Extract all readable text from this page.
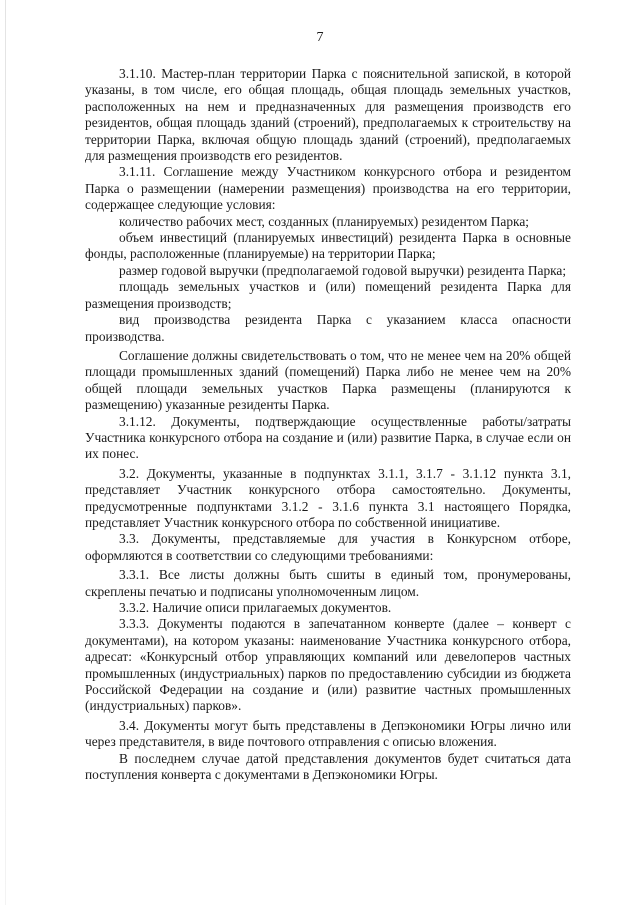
7

3.1.10. Мастер-план территории Парка с пояснительной запиской, в которой указаны, в том числе, его общая площадь, общая площадь земельных участков, расположенных на нем и предназначенных для размещения производств его резидентов, общая площадь зданий (строений), предполагаемых к строительству на территории Парка, включая общую площадь зданий (строений), предполагаемых для размещения производств его резидентов.

3.1.11. Соглашение между Участником конкурсного отбора и резидентом Парка о размещении (намерении размещения) производства на его территории, содержащее следующие условия:

количество рабочих мест, созданных (планируемых) резидентом Парка;

объем инвестиций (планируемых инвестиций) резидента Парка в основные фонды, расположенные (планируемые) на территории Парка;

размер годовой выручки (предполагаемой годовой выручки) резидента Парка;

площадь земельных участков и (или) помещений резидента Парка для размещения производств;

вид производства резидента Парка с указанием класса опасности производства.

Соглашение должны свидетельствовать о том, что не менее чем на 20% общей площади промышленных зданий (помещений) Парка либо не менее чем на 20% общей площади земельных участков Парка размещены (планируются к размещению) указанные резиденты Парка.

3.1.12. Документы, подтверждающие осуществленные работы/затраты Участника конкурсного отбора на создание и (или) развитие Парка, в случае если он их понес.

3.2. Документы, указанные в подпунктах 3.1.1, 3.1.7 - 3.1.12 пункта 3.1, представляет Участник конкурсного отбора самостоятельно. Документы, предусмотренные подпунктами 3.1.2 - 3.1.6 пункта 3.1 настоящего Порядка, представляет Участник конкурсного отбора по собственной инициативе.

3.3. Документы, представляемые для участия в Конкурсном отборе, оформляются в соответствии со следующими требованиями:

3.3.1. Все листы должны быть сшиты в единый том, пронумерованы, скреплены печатью и подписаны уполномоченным лицом.

3.3.2. Наличие описи прилагаемых документов.

3.3.3. Документы подаются в запечатанном конверте (далее – конверт с документами), на котором указаны: наименование Участника конкурсного отбора, адресат: «Конкурсный отбор управляющих компаний или девелоперов частных промышленных (индустриальных) парков по предоставлению субсидии из бюджета Российской Федерации на создание и (или) развитие частных промышленных (индустриальных) парков».

3.4. Документы могут быть представлены в Депэкономики Югры лично или через представителя, в виде почтового отправления с описью вложения.

В последнем случае датой представления документов будет считаться дата поступления конверта с документами в Депэкономики Югры.
